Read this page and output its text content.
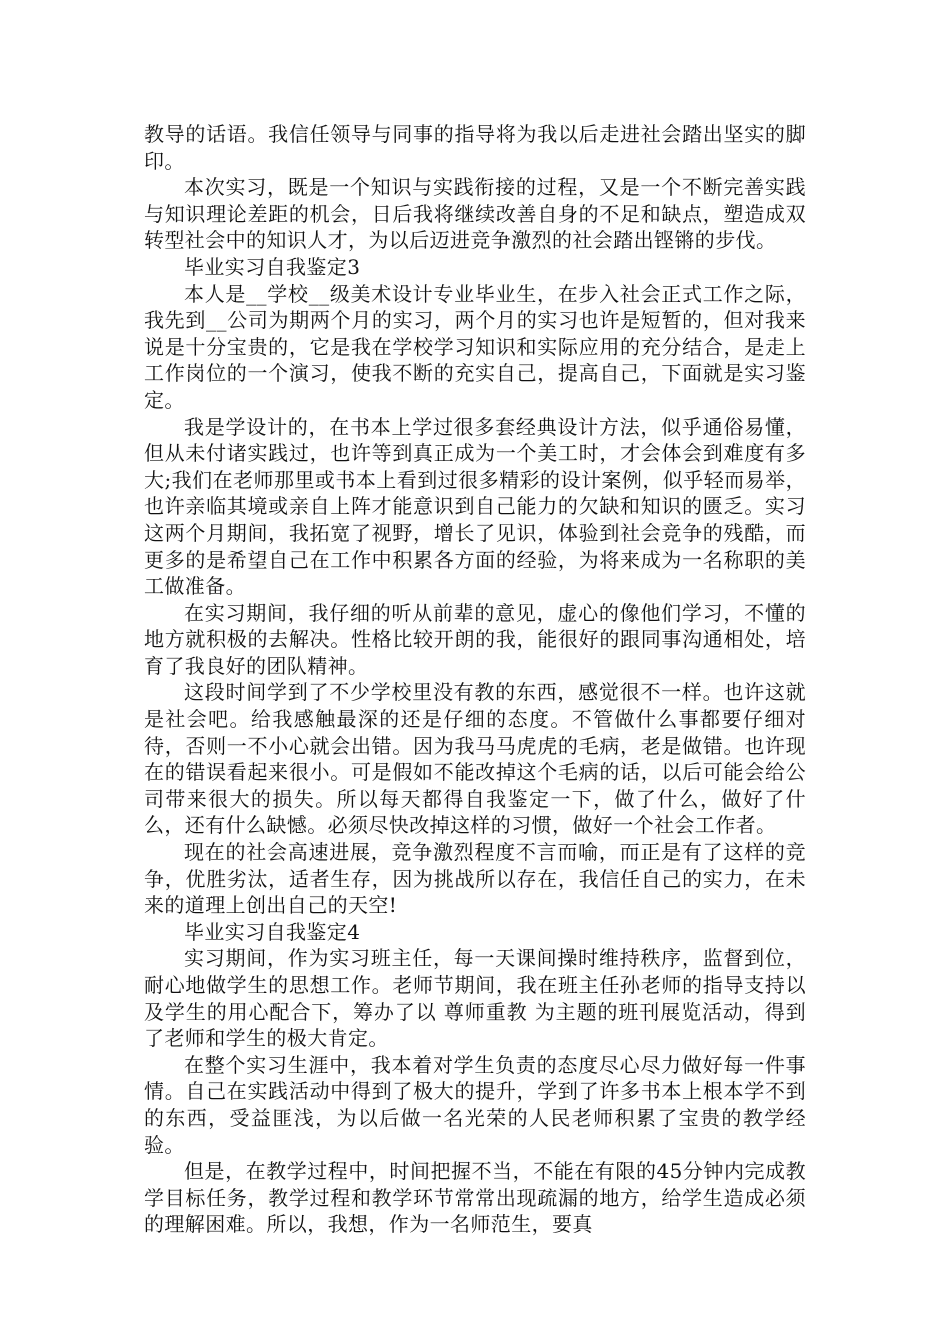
教导的话语。我信任领导与同事的指导将为我以后走进社会踏出坚实的脚印。

本次实习，既是一个知识与实践衔接的过程，又是一个不断完善实践与知识理论差距的机会，日后我将继续改善自身的不足和缺点，塑造成双转型社会中的知识人才，为以后迈进竞争激烈的社会踏出铿锵的步伐。

毕业实习自我鉴定3

本人是__学校__级美术设计专业毕业生，在步入社会正式工作之际，我先到__公司为期两个月的实习，两个月的实习也许是短暂的，但对我来说是十分宝贵的，它是我在学校学习知识和实际应用的充分结合，是走上工作岗位的一个演习，使我不断的充实自己，提高自己，下面就是实习鉴定。

我是学设计的，在书本上学过很多套经典设计方法，似乎通俗易懂，但从未付诸实践过，也许等到真正成为一个美工时，才会体会到难度有多大;我们在老师那里或书本上看到过很多精彩的设计案例，似乎轻而易举，也许亲临其境或亲自上阵才能意识到自己能力的欠缺和知识的匮乏。实习这两个月期间，我拓宽了视野，增长了见识，体验到社会竞争的残酷，而更多的是希望自己在工作中积累各方面的经验，为将来成为一名称职的美工做准备。

在实习期间，我仔细的听从前辈的意见，虚心的像他们学习，不懂的地方就积极的去解决。性格比较开朗的我，能很好的跟同事沟通相处，培育了我良好的团队精神。

这段时间学到了不少学校里没有教的东西，感觉很不一样。也许这就是社会吧。给我感触最深的还是仔细的态度。不管做什么事都要仔细对待，否则一不小心就会出错。因为我马马虎虎的毛病，老是做错。也许现在的错误看起来很小。可是假如不能改掉这个毛病的话，以后可能会给公司带来很大的损失。所以每天都得自我鉴定一下，做了什么，做好了什么，还有什么缺憾。必须尽快改掉这样的习惯，做好一个社会工作者。

现在的社会高速进展，竞争激烈程度不言而喻，而正是有了这样的竞争，优胜劣汰，适者生存，因为挑战所以存在，我信任自己的实力，在未来的道理上创出自己的天空!

毕业实习自我鉴定4

实习期间，作为实习班主任，每一天课间操时维持秩序，监督到位，耐心地做学生的思想工作。老师节期间，我在班主任孙老师的指导支持以及学生的用心配合下，筹办了以 尊师重教 为主题的班刊展览活动，得到了老师和学生的极大肯定。

在整个实习生涯中，我本着对学生负责的态度尽心尽力做好每一件事情。自己在实践活动中得到了极大的提升，学到了许多书本上根本学不到的东西，受益匪浅，为以后做一名光荣的人民老师积累了宝贵的教学经验。

但是，在教学过程中，时间把握不当，不能在有限的45分钟内完成教学目标任务，教学过程和教学环节常常出现疏漏的地方，给学生造成必须的理解困难。所以，我想，作为一名师范生，要真
